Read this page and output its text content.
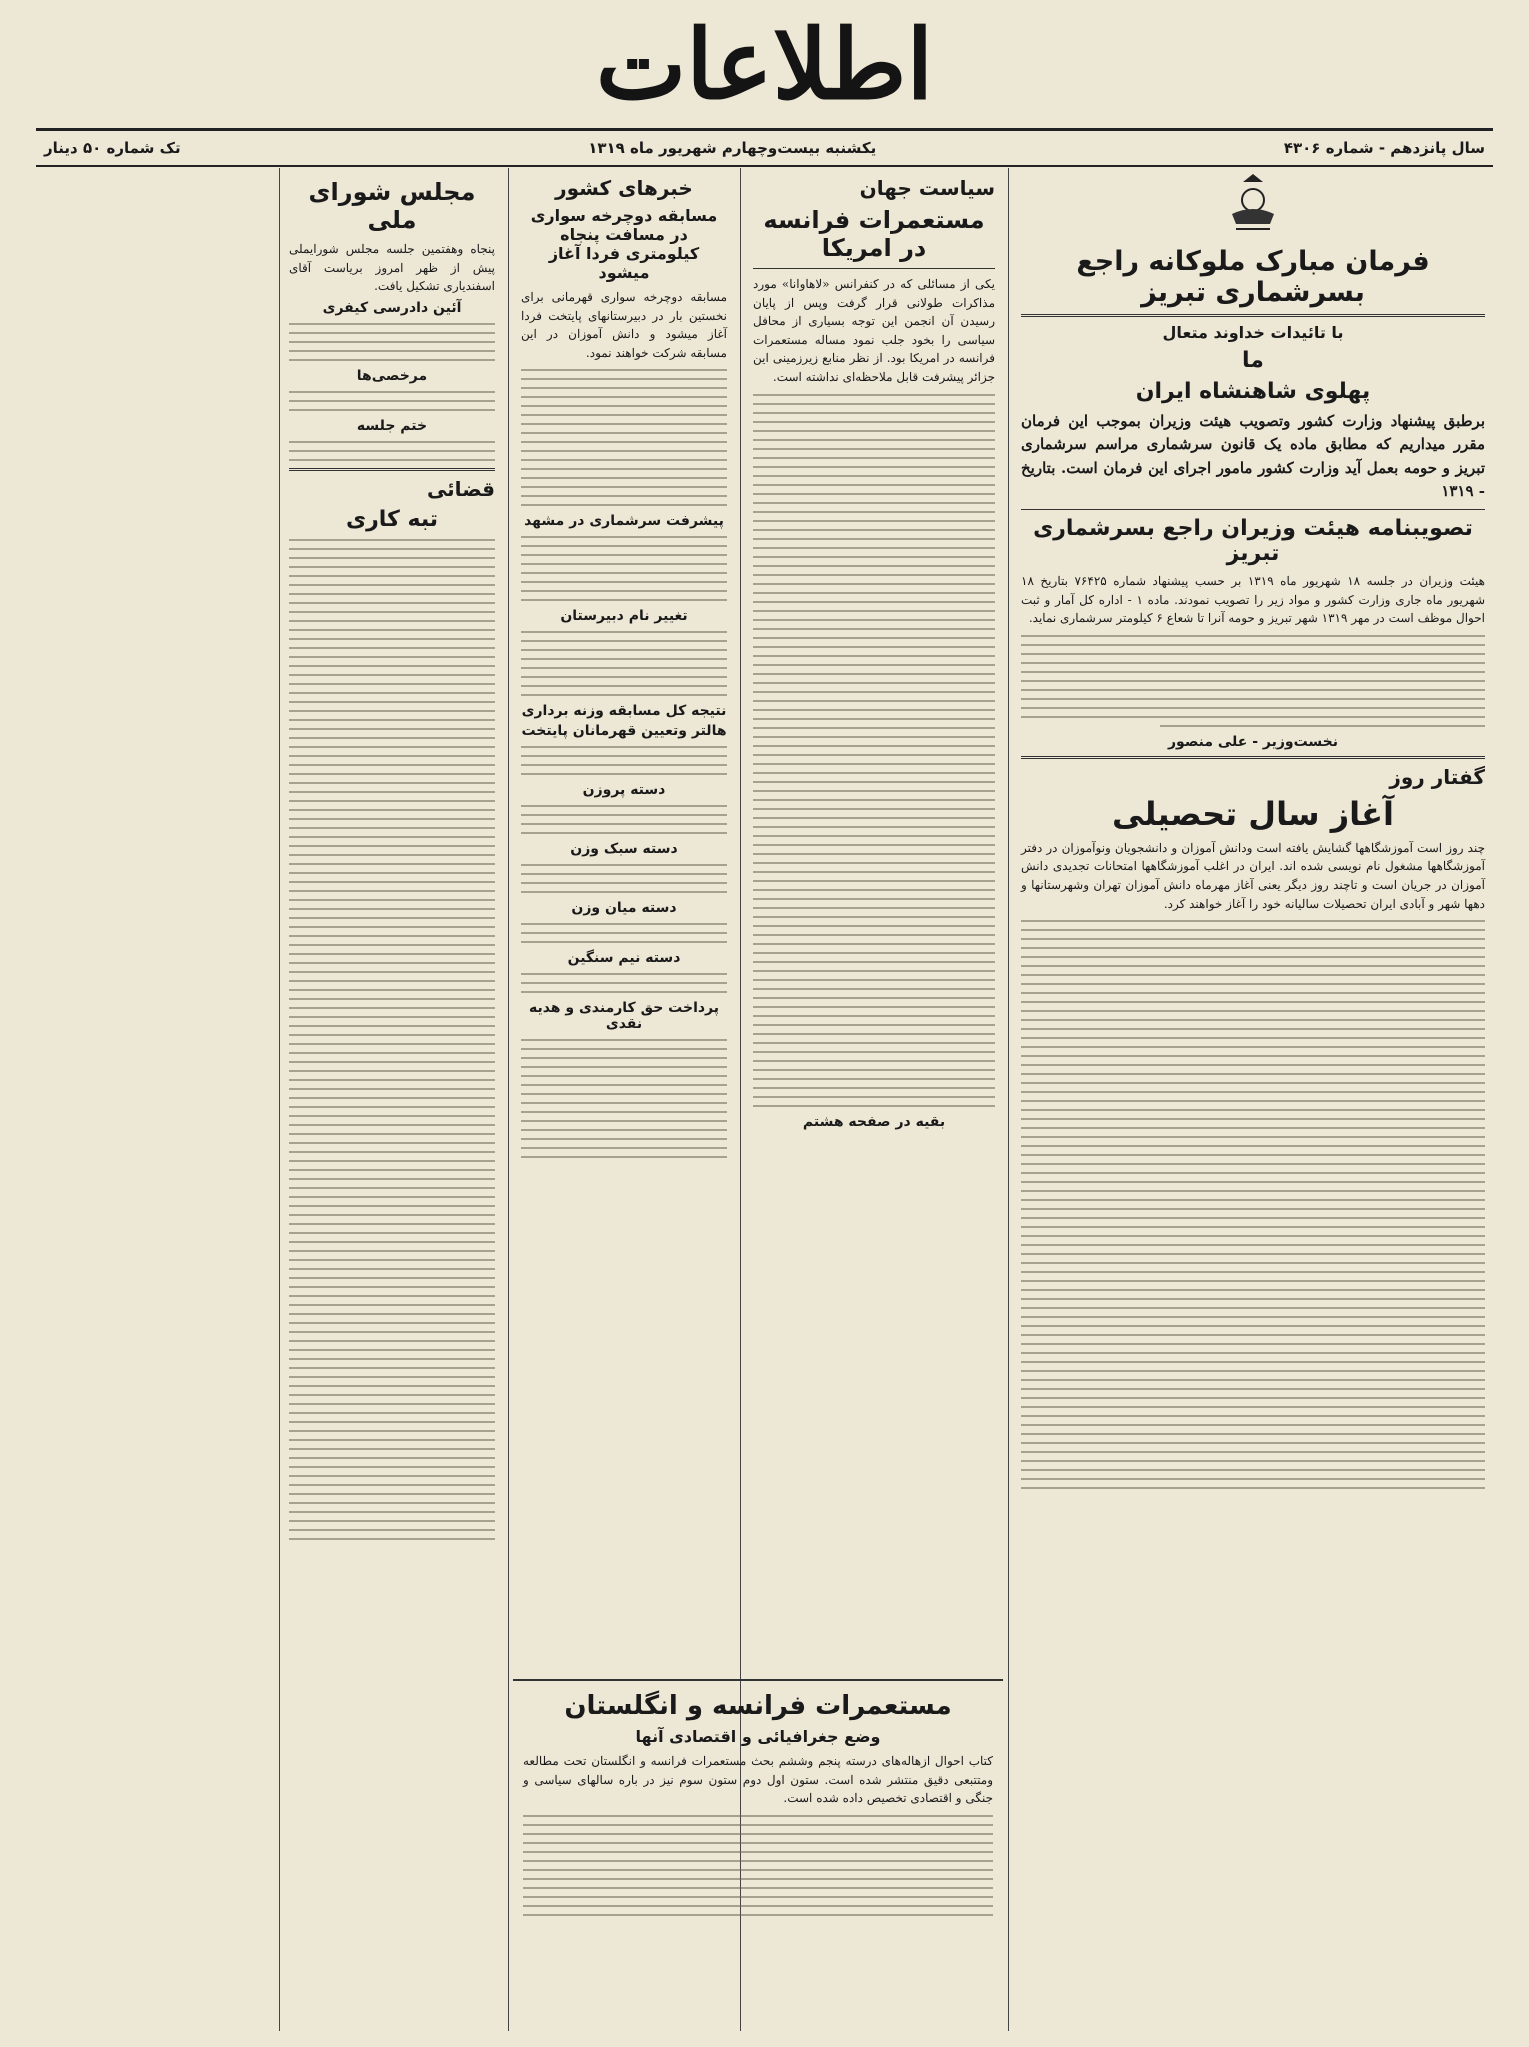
اطلاعات
سال پانزدهم - شماره ۴۳۰۶
یکشنبه بیست‌وچهارم شهریور ماه ۱۳۱۹
تک شماره ۵۰ دینار
فرمان مبارک ملوکانه راجع بسرشماری تبریز
با تائیدات خداوند متعال
ما
پهلوی شاهنشاه ایران

برطبق پیشنهاد وزارت کشور وتصویب هیئت وزیران بموجب این فرمان مقرر میداریم که مطابق ماده یک قانون سرشماری مراسم سرشماری تبریز و حومه بعمل آید وزارت کشور مامور اجرای این فرمان است. بتاریخ - ۱۳۱۹

تصویبنامه هیئت وزیران راجع بسرشماری تبریز

هیئت وزیران در جلسه ۱۸ شهریور ماه ۱۳۱۹ بر حسب پیشنهاد شماره ۷۶۴۲۵ بتاریخ ۱۸ شهریور ماه جاری وزارت کشور و مواد زیر را تصویب نمودند. ماده ۱ - اداره کل آمار و ثبت احوال موظف است در مهر ۱۳۱۹ شهر تبریز و حومه آنرا تا شعاع ۶ کیلومتر سرشماری نماید.

نخست‌وزیر - علی منصور
گفتار روز
آغاز سال تحصیلی

چند روز است آموزشگاهها گشایش یافته است ودانش آموزان و دانشجویان ونوآموزان در دفتر آموزشگاهها مشغول نام نویسی شده اند. ایران در اغلب آموزشگاهها امتحانات تجدیدی دانش آموزان در جریان است و تاچند روز دیگر یعنی آغاز مهرماه دانش آموزان تهران وشهرستانها و دهها شهر و آبادی ایران تحصیلات سالیانه خود را آغاز خواهند کرد.

سیاست جهان
مستعمرات فرانسه در امریکا

یکی از مسائلی که در کنفرانس «لاهاوانا» مورد مذاکرات طولانی قرار گرفت وپس از پایان رسیدن آن انجمن این توجه بسیاری از محافل سیاسی را بخود جلب نمود مساله مستعمرات فرانسه در امریکا بود. از نظر منابع زیرزمینی این جزائر پیشرفت قابل ملاحظه‌ای نداشته است.

بقیه در صفحه هشتم
خبرهای کشور
مسابقه دوچرخه سواری در مسافت پنجاه کیلومتری فردا آغاز میشود

مسابقه دوچرخه سواری قهرمانی برای نخستین بار در دبیرستانهای پایتخت فردا آغاز میشود و دانش آموزان در این مسابقه شرکت خواهند نمود.

پیشرفت سرشماری در مشهد
تغییر نام دبیرستان
نتیجه کل مسابقه وزنه برداری
هالتر وتعیین قهرمانان پایتخت
دسته پروزن
دسته سبک وزن
دسته میان وزن
دسته نیم سنگین
پرداخت حق کارمندی و هدیه نقدی
مجلس شورای ملی

پنجاه وهفتمین جلسه مجلس شورایملی پیش از ظهر امروز بریاست آقای اسفندیاری تشکیل یافت.

آئین دادرسی کیفری
مرخصی‌ها
ختم جلسه
قضائی
تبه کاری
مستعمرات فرانسه و انگلستان
وضع جغرافیائی و اقتصادی آنها

کتاب احوال ازهاله‌های درسته پنجم وششم بحث مستعمرات فرانسه و انگلستان تحت مطالعه ومتتبعی دقیق منتشر شده است. ستون اول دوم ستون سوم نیز در باره سالهای سیاسی و جنگی و اقتصادی تخصیص داده شده است.
